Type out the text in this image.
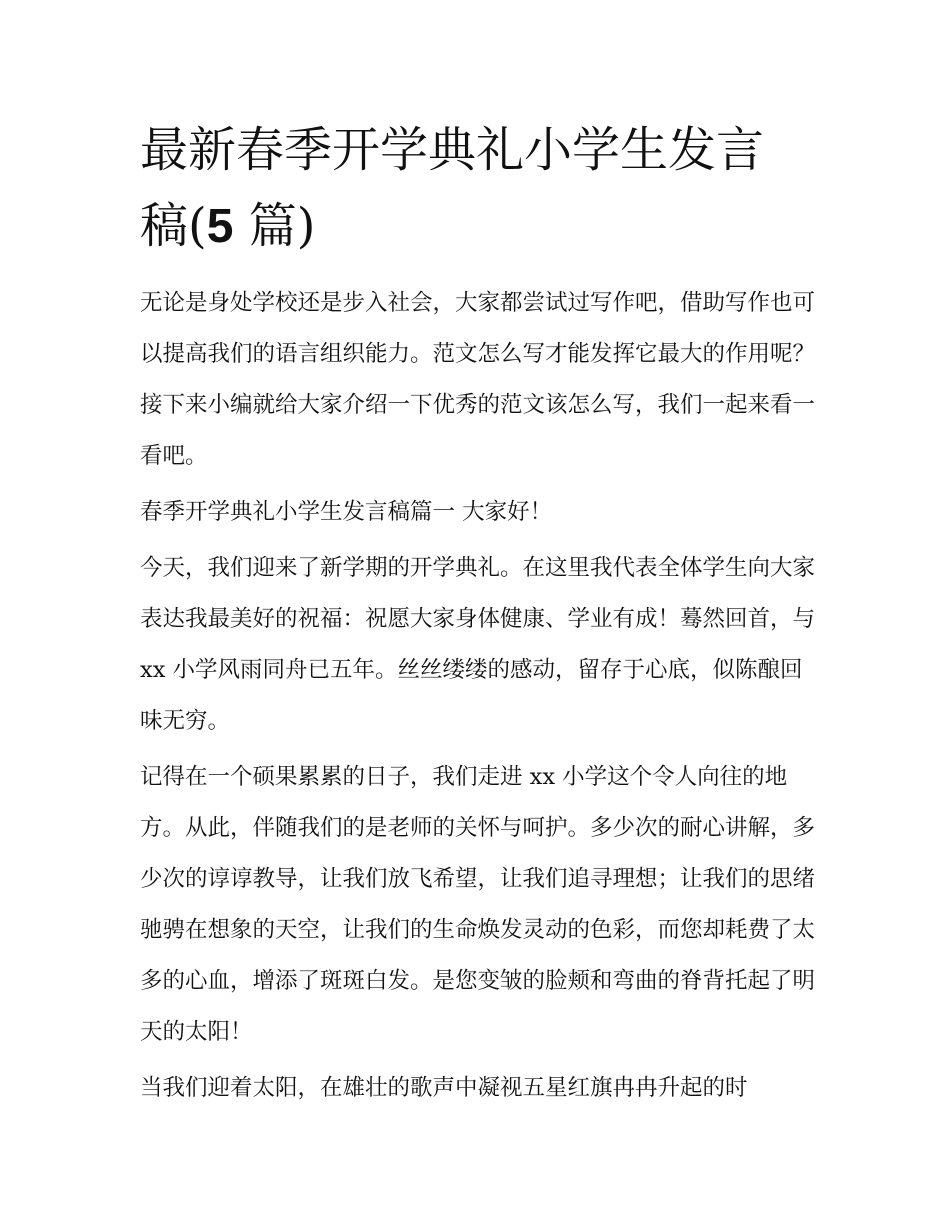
最新春季开学典礼小学生发言
稿(5 篇)

无论是身处学校还是步入社会，大家都尝试过写作吧，借助写作也可以提高我们的语言组织能力。范文怎么写才能发挥它最大的作用呢？接下来小编就给大家介绍一下优秀的范文该怎么写，我们一起来看一看吧。

春季开学典礼小学生发言稿篇一 大家好！

今天，我们迎来了新学期的开学典礼。在这里我代表全体学生向大家表达我最美好的祝福：祝愿大家身体健康、学业有成！蓦然回首，与 xx 小学风雨同舟已五年。丝丝缕缕的感动，留存于心底，似陈酿回味无穷。

记得在一个硕果累累的日子，我们走进 xx 小学这个令人向往的地方。从此，伴随我们的是老师的关怀与呵护。多少次的耐心讲解，多少次的谆谆教导，让我们放飞希望，让我们追寻理想；让我们的思绪驰骋在想象的天空，让我们的生命焕发灵动的色彩，而您却耗费了太多的心血，增添了斑斑白发。是您变皱的脸颊和弯曲的脊背托起了明天的太阳！

当我们迎着太阳，在雄壮的歌声中凝视五星红旗冉冉升起的时
